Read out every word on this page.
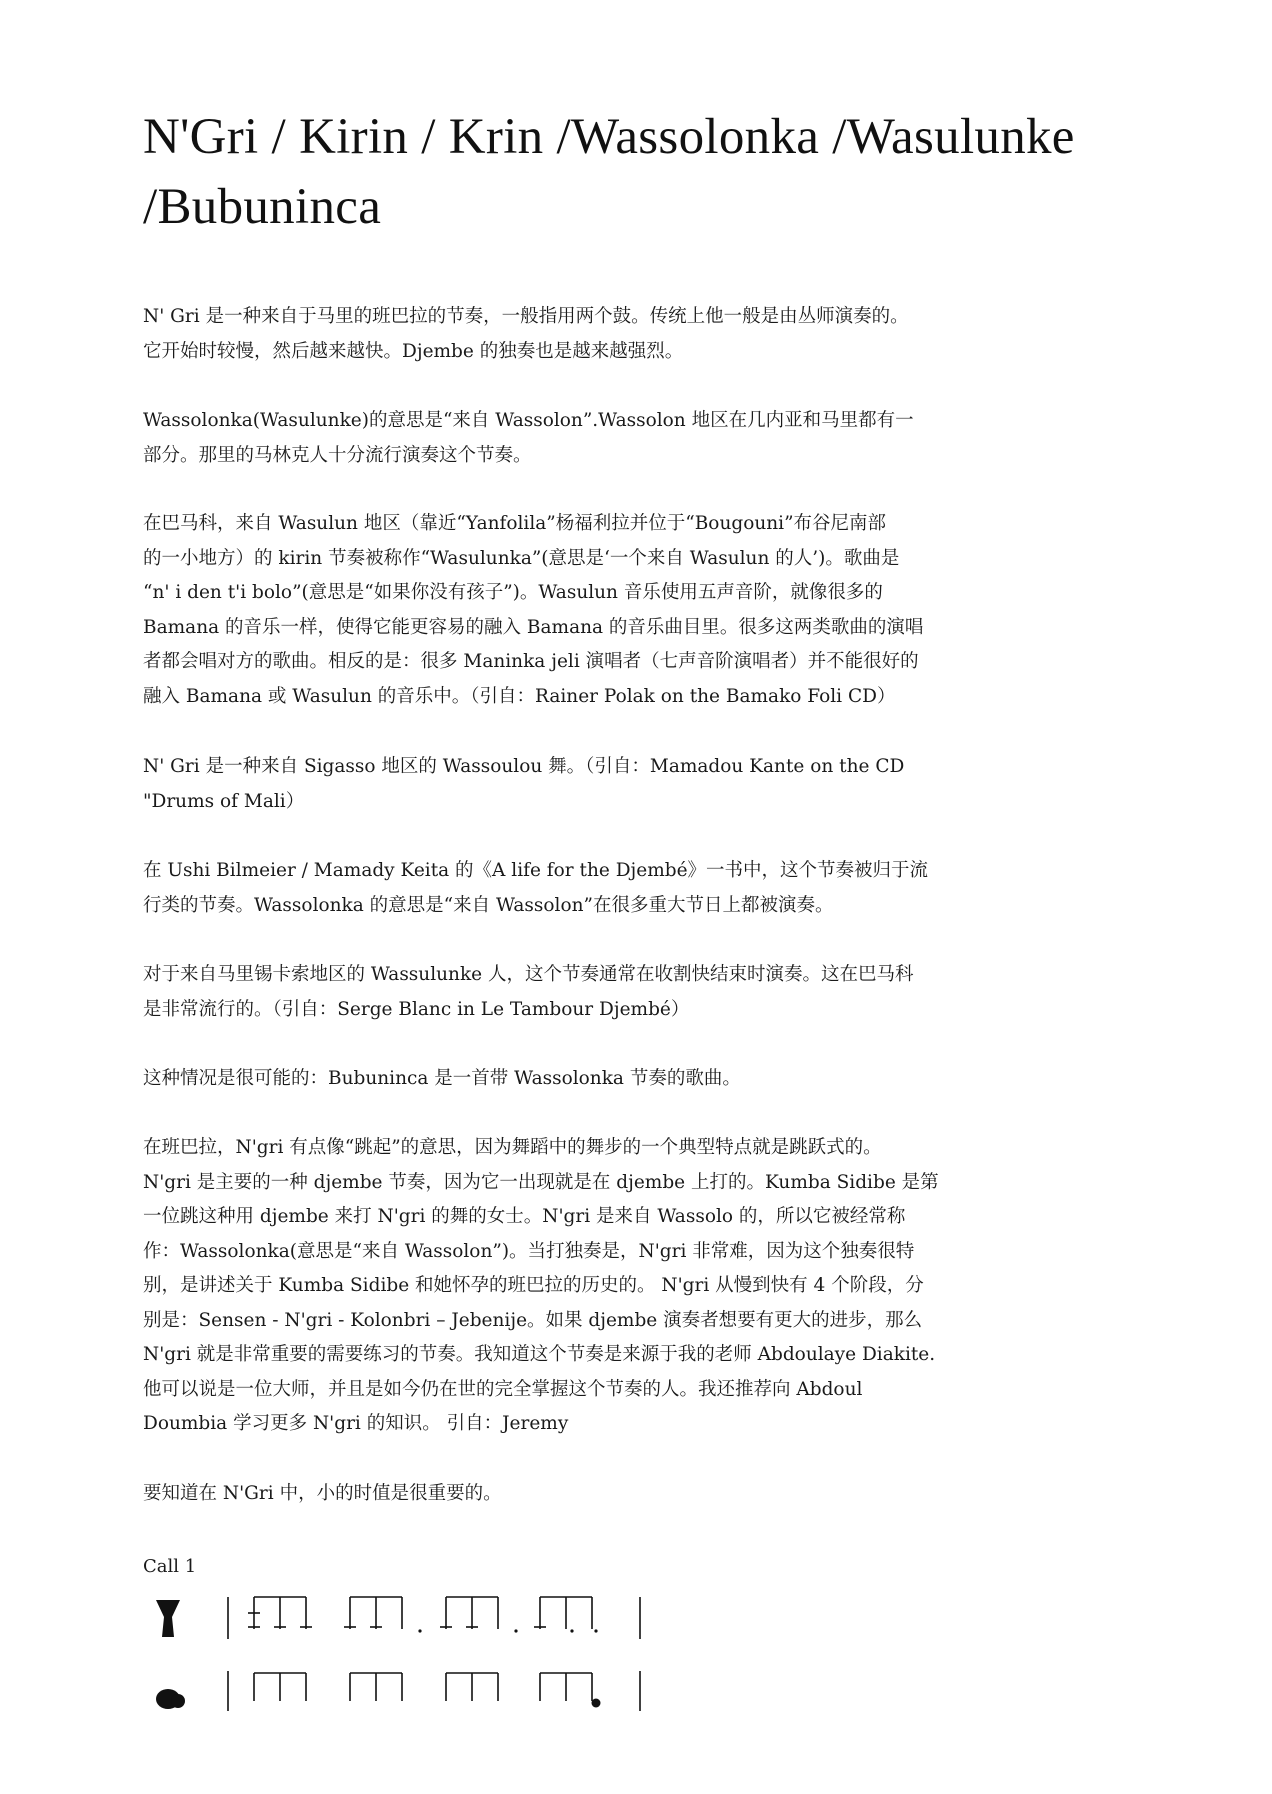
N'Gri / Kirin / Krin /Wassolonka /Wasulunke /Bubuninca
N' Gri 是一种来自于马里的班巴拉的节奏，一般指用两个鼓。传统上他一般是由丛师演奏的。
它开始时较慢，然后越来越快。Djembe 的独奏也是越来越强烈。
Wassolonka(Wasulunke)的意思是“来自 Wassolon”.Wassolon 地区在几内亚和马里都有一
部分。那里的马林克人十分流行演奏这个节奏。
在巴马科，来自 Wasulun 地区（靠近“Yanfolila”杨福利拉并位于“Bougouni”布谷尼南部
的一小地方）的 kirin 节奏被称作“Wasulunka”(意思是‘一个来自 Wasulun 的人’)。歌曲是
“n' i den t'i bolo”(意思是“如果你没有孩子”)。Wasulun 音乐使用五声音阶，就像很多的
Bamana 的音乐一样，使得它能更容易的融入 Bamana 的音乐曲目里。很多这两类歌曲的演唱
者都会唱对方的歌曲。相反的是：很多 Maninka jeli 演唱者（七声音阶演唱者）并不能很好的
融入 Bamana 或 Wasulun 的音乐中。（引自：Rainer Polak on the Bamako Foli CD）
N' Gri 是一种来自 Sigasso 地区的 Wassoulou 舞。（引自：Mamadou Kante on the CD
"Drums of Mali）
在 Ushi Bilmeier / Mamady Keita 的《A life for the Djembé》一书中，这个节奏被归于流
行类的节奏。Wassolonka 的意思是“来自 Wassolon”在很多重大节日上都被演奏。
对于来自马里锡卡索地区的 Wassulunke 人，这个节奏通常在收割快结束时演奏。这在巴马科
是非常流行的。（引自：Serge Blanc in Le Tambour Djembé）
这种情况是很可能的：Bubuninca 是一首带 Wassolonka 节奏的歌曲。
在班巴拉，N'gri 有点像“跳起”的意思，因为舞蹈中的舞步的一个典型特点就是跳跃式的。
N'gri 是主要的一种 djembe 节奏，因为它一出现就是在 djembe 上打的。Kumba Sidibe 是第
一位跳这种用 djembe 来打 N'gri 的舞的女士。N'gri 是来自 Wassolo 的，所以它被经常称
作：Wassolonka(意思是“来自 Wassolon”)。当打独奏是，N'gri 非常难，因为这个独奏很特
别，是讲述关于 Kumba Sidibe 和她怀孕的班巴拉的历史的。 N'gri 从慢到快有 4 个阶段，分
别是：Sensen - N'gri - Kolonbri – Jebenije。如果 djembe 演奏者想要有更大的进步，那么
N'gri 就是非常重要的需要练习的节奏。我知道这个节奏是来源于我的老师 Abdoulaye Diakite.
他可以说是一位大师，并且是如今仍在世的完全掌握这个节奏的人。我还推荐向 Abdoul
Doumbia 学习更多 N'gri 的知识。 引自：Jeremy
要知道在 N'Gri 中，小的时值是很重要的。
Call 1
